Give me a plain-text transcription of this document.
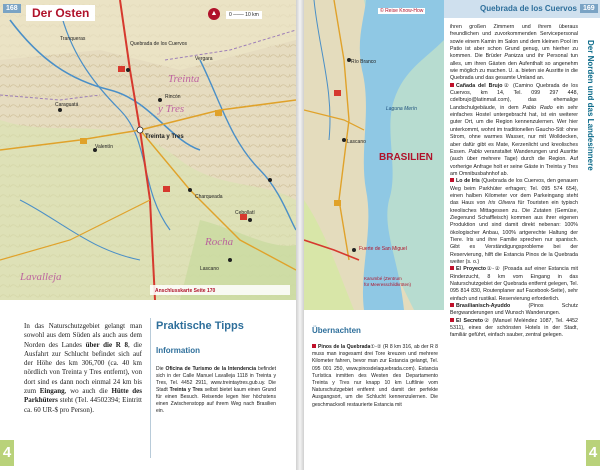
Quebrada de los Cuervos
Treinta y Tres
Valentín
Rincón
Caraguatá
Charqueada
Cebollatí
Lascano
Tranqueras
Vergara
Treinta
y Tres
Rocha
Lavalleja
Anschlusskarte Seite 170
Der Osten	▲	0 ─── 10 km
168
In das Naturschutzgebiet gelangt man sowohl aus dem Süden als auch aus dem Norden des Landes über die R 8, die Ausfahrt zur Schlucht befindet sich auf der Höhe des km 306,700 (ca. 40 km nördlich von Treinta y Tres entfernt), von dort sind es dann noch einmal 24 km bis zum Eingang, wo auch die Hütte des Parkhüters steht (Tel. 44502394; Eintritt ca. 60 UR-$ pro Person).
Praktische Tipps
Information
Die Oficina de Turismo de la Intendencia befindet sich in der Calle Manuel Lavalleja 1118 in Treinta y Tres, Tel. 4452 2911, www.treintaytres.gub.uy. Die Stadt Treinta y Tres selbst bietet kaum einen Grund für einen Besuch. Reisende legen hier höchstens einen Zwischenstopp auf ihrem Weg nach Brasilien ein.
4
BRASILIEN
Laguna Merín
Río Branco
Lascano
Fuerte de San Miguel
Karumbé (Zentrum
für Meeresschildkröten)
© Reise Know-How	Quebrada de los Cuervos 169
Der Norden und das Landesinnere
ihren großen Zimmern und ihrem überaus freundlichen und zuvorkommenden Servicepersonal sowie einem Kamin im Salon und dem kleinen Pool im Patio ist aber schon Grund genug, um hierher zu kommen. Die Brüder Panizza und ihr Personal tun alles, um ihren Gästen den Aufenthalt so angenehm wie möglich zu machen. U. a. bieten sie Ausritte in die Quebrada und das gesamte Umland an.
Cañada del Brujo② (Camino Quebrada de los Cuervos, km 14, Tel. 099 297 448, cdelbrujo@latinmail.com), das ehemalige Landschulgebäude, in dem Pablo Rado ein sehr einfaches Hostel untergebracht hat, ist ein weiterer guter Ort, um die Region kennenzulernen. Wer hier unterkommt, wohnt im traditionellen Gaucho-Stil: ohne Strom, ohne warmes Wasser, nur mit Wolldecken, aber dafür gibt es Mate, Kerzenlicht und kreolisches Essen. Pablo veranstaltet Wanderungen und Ausritte (auch über mehrere Tage) durch die Region. Auf vorherige Anfrage holt er seine Gäste in Treinta y Tres am Omnibusbahnhof ab.
Lo de Iris (Quebrada de los Cuervos, den genauen Weg beim Parkhüter erfragen; Tel. 095 574 654), einen halben Kilometer vor dem Parkeingang steht das Haus von Iris Olivera für Touristen ein typisch kreolisches Mittagessen zu. Die Zutaten (Gemüse, Ziegenund Schaffleisch) kommen aus ihrer eigenen Produktion und sind damit direkt nebenan: 100% ökologischer Anbau, 100% artgerechte Haltung der Tiere. Iris und ihre Familie sprechen nur spanisch. Gibt es Verständigungsprobleme bei der Reservierung, hilft die Estancia Pinos de la Quebrada weiter (s. o.)
El Proyecto①-② (Posada auf einer Estancia mit Rinderzucht, 8 km vom Eingang in das Naturschutzgebiet der Quebrada entfernt gelegen, Tel. 095 814 830, Routenplaner auf Facebook-Seite), sehr einfach und rustikal. Reservierung erforderlich.
Brasilianisch-Ayuddo (Pinos Schutz Bergwanderungen und Wunsch Wanderungen.
El Secreto② (Manuel Meléndez 1087, Tel. 4452 5311), eines der schönsten Hotels in der Stadt, familiär geführt, einfach sauber, zentral gelegen.
Übernachten
Pinos de la Quebrada①-② (R 8 km 316, ab der R 8 muss man insgesamt drei Tore kreuzen und mehrere Kilometer fahren, bevor man zur Estancia gelangt, Tel. 095 001 250, www.pinosdelaquebrada.com). Estancia Turística inmitten des Westen des Departamento Treinta y Tres nur knapp 10 km Luftlinie vom Naturschutzgebiet entfernt und damit der perfekte Ausgangsort, um die Schlucht kennenzulernen. Die geschmackvoll restaurierte Estancia mit
4
